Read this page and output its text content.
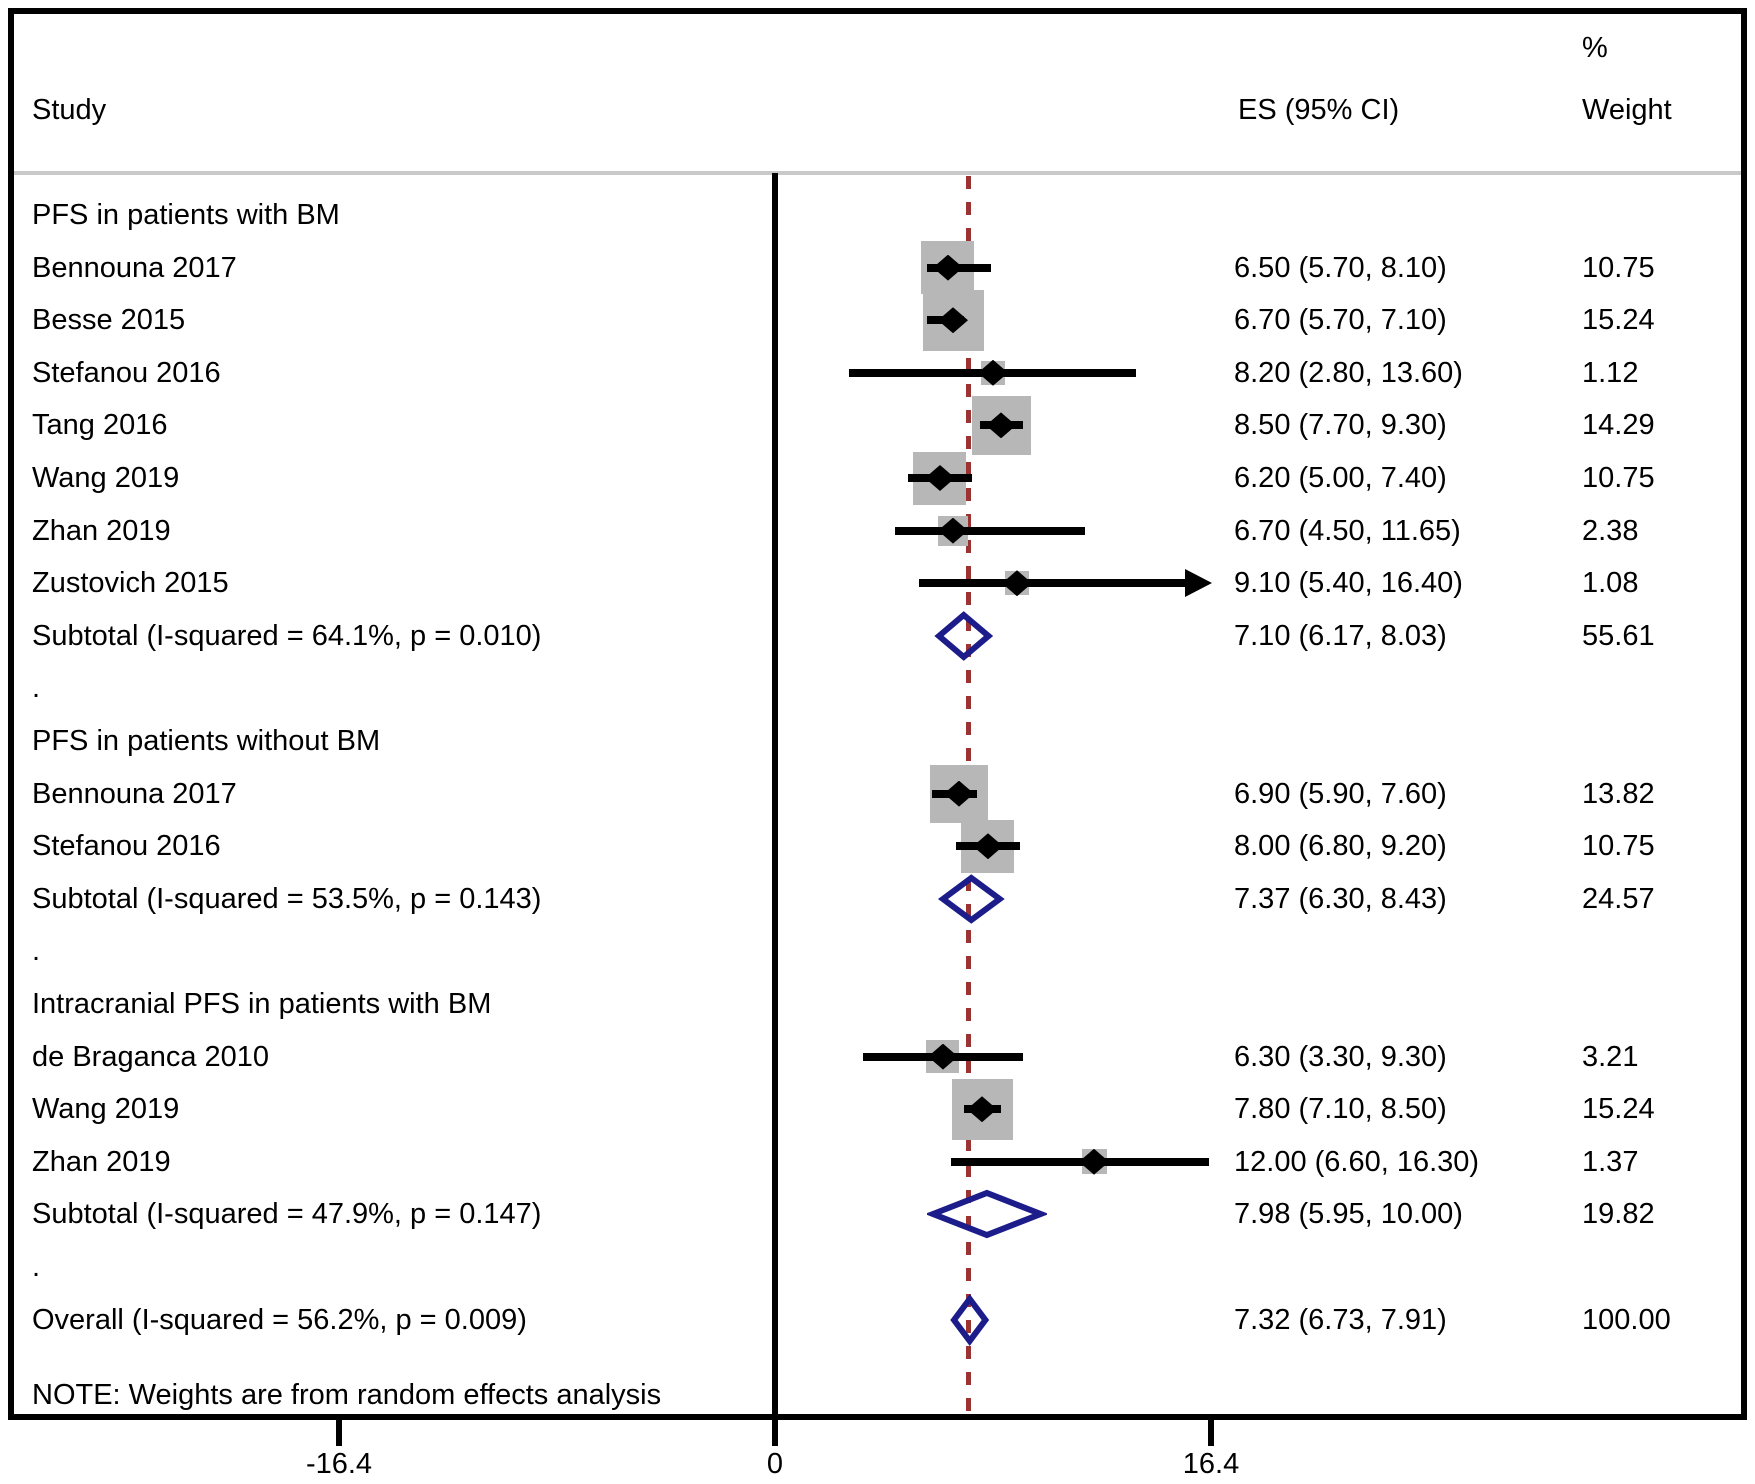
Study	ES (95% CI)
%
Weight
PFS in patients with BM
Bennouna 2017	6.50 (5.70, 8.10)	10.75
Besse 2015	6.70 (5.70, 7.10)	15.24
Stefanou 2016	8.20 (2.80, 13.60)	1.12
Tang 2016	8.50 (7.70, 9.30)	14.29
Wang 2019	6.20 (5.00, 7.40)	10.75
Zhan 2019	6.70 (4.50, 11.65)	2.38
Zustovich 2015	9.10 (5.40, 16.40)	1.08
Subtotal (I-squared = 64.1%, p = 0.010)	7.10 (6.17, 8.03)	55.61
.
PFS in patients without BM
Bennouna 2017	6.90 (5.90, 7.60)	13.82
Stefanou 2016	8.00 (6.80, 9.20)	10.75
Subtotal (I-squared = 53.5%, p = 0.143)	7.37 (6.30, 8.43)	24.57
.
Intracranial PFS in patients with BM
de Braganca 2010	6.30 (3.30, 9.30)	3.21
Wang 2019	7.80 (7.10, 8.50)	15.24
Zhan 2019	12.00 (6.60, 16.30)	1.37
Subtotal (I-squared = 47.9%, p = 0.147)	7.98 (5.95, 10.00)	19.82
.
Overall (I-squared = 56.2%, p = 0.009)	7.32 (6.73, 7.91)	100.00
NOTE: Weights are from random effects analysis
-16.4	0	16.4
